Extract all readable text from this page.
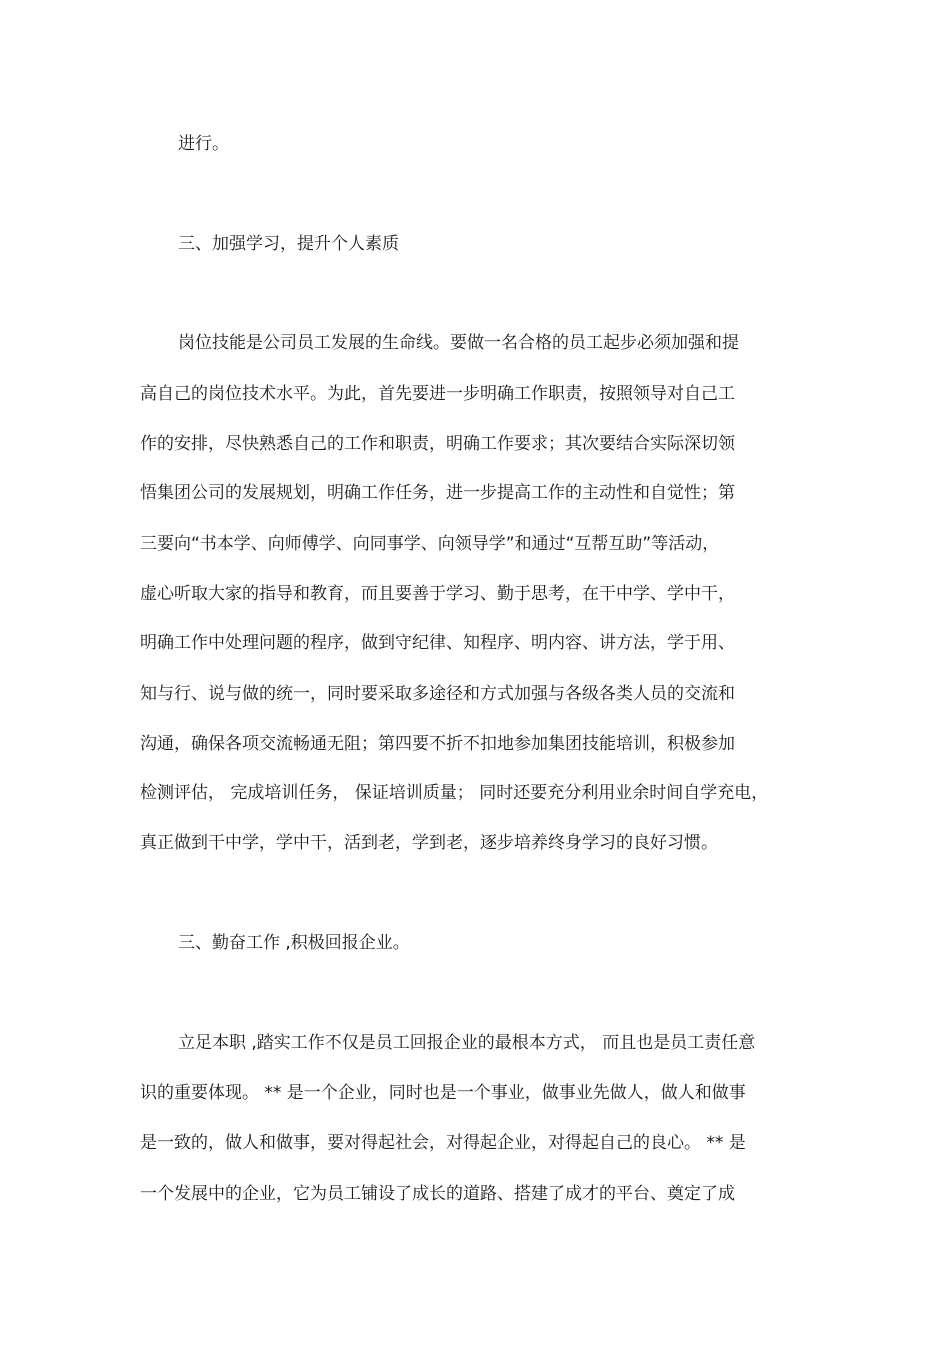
进行。

三、加强学习，提升个人素质

岗位技能是公司员工发展的生命线。要做一名合格的员工起步必须加强和提

高自己的岗位技术水平。为此，首先要进一步明确工作职责，按照领导对自己工

作的安排，尽快熟悉自己的工作和职责，明确工作要求；其次要结合实际深切领

悟集团公司的发展规划，明确工作任务，进一步提高工作的主动性和自觉性；第

三要向“书本学、向师傅学、向同事学、向领导学”和通过“互帮互助”等活动，

虚心听取大家的指导和教育，而且要善于学习、勤于思考，在干中学、学中干，

明确工作中处理问题的程序，做到守纪律、知程序、明内容、讲方法，学于用、

知与行、说与做的统一，同时要采取多途径和方式加强与各级各类人员的交流和

沟通，确保各项交流畅通无阻；第四要不折不扣地参加集团技能培训，积极参加

检测评估， 完成培训任务， 保证培训质量； 同时还要充分利用业余时间自学充电，

真正做到干中学，学中干，活到老，学到老，逐步培养终身学习的良好习惯。

三、勤奋工作 ,积极回报企业。

立足本职 ,踏实工作不仅是员工回报企业的最根本方式， 而且也是员工责任意

识的重要体现。 ** 是一个企业，同时也是一个事业，做事业先做人，做人和做事

是一致的，做人和做事，要对得起社会，对得起企业，对得起自己的良心。 ** 是

一个发展中的企业，它为员工铺设了成长的道路、搭建了成才的平台、奠定了成
